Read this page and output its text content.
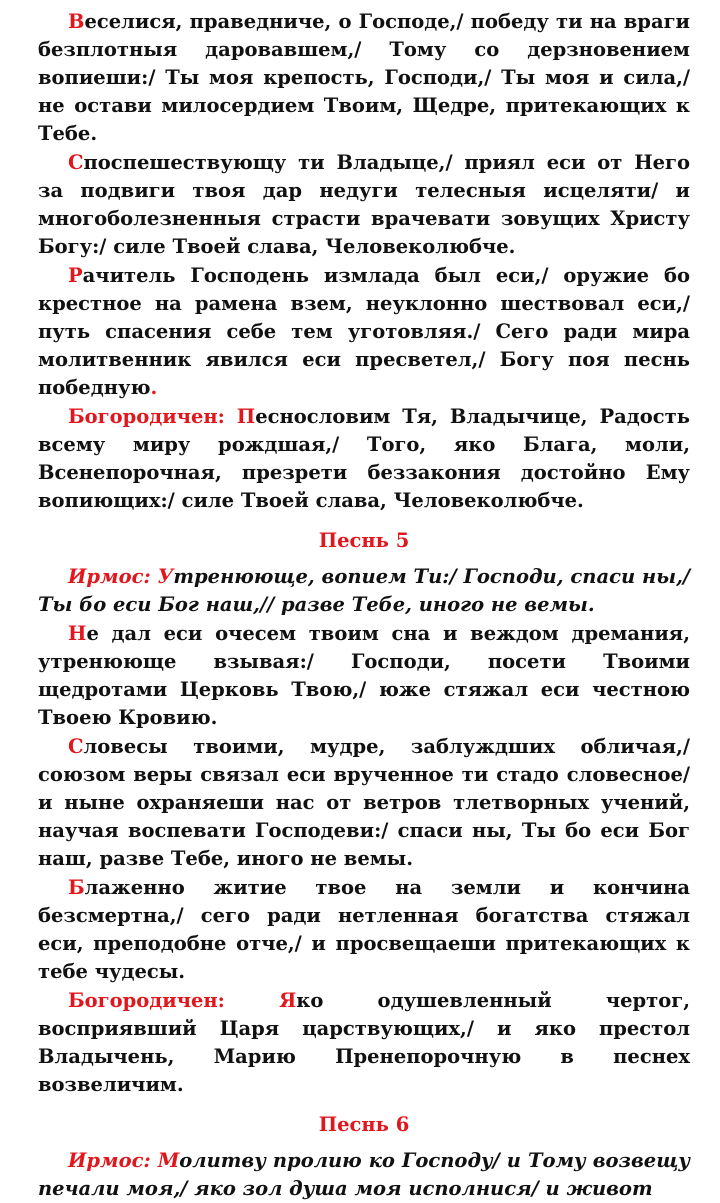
Веселися, праведниче, о Господе,/ победу ти на враги безплотныя даровавшем,/ Тому со дерзновением вопиеши:/ Ты моя крепость, Господи,/ Ты моя и сила,/ не остави милосердием Твоим, Щедре, притекающих к Тебе.

Споспешествующу ти Владыце,/ приял еси от Него за подвиги твоя дар недуги телесныя исцеляти/ и многоболезненныя страсти врачевати зовущих Христу Богу:/ силе Твоей слава, Человеколюбче.

Рачитель Господень измлада был еси,/ оружие бо крестное на рамена взем, неуклонно шествовал еси,/ путь спасения себе тем уготовляя./ Сего ради мира молитвенник явился еси пресветел,/ Богу поя песнь победную.

Богородичен: Песнословим Тя, Владычице, Радость всему миру рождшая,/ Того, яко Блага, моли, Всенепорочная, презрети беззакония достойно Ему вопиющих:/ силе Твоей слава, Человеколюбче.

Песнь 5

Ирмос: Утренююще, вопием Ти:/ Господи, спаси ны,/ Ты бо еси Бог наш,// разве Тебе, иного не вемы.

Не дал еси очесем твоим сна и веждом дремания, утренююще взывая:/ Господи, посети Твоими щедротами Церковь Твою,/ юже стяжал еси честною Твоею Кровию.

Словесы твоими, мудре, заблуждших обличая,/ союзом веры связал еси врученное ти стадо словесное/ и ныне охраняеши нас от ветров тлетворных учений, научая воспевати Господеви:/ спаси ны, Ты бо еси Бог наш, разве Тебе, иного не вемы.

Блаженно житие твое на земли и кончина безсмертна,/ сего ради нетленная богатства стяжал еси, преподобне отче,/ и просвещаеши притекающих к тебе чудесы.

Богородичен: Яко одушевленный чертог, восприявший Царя царствующих,/ и яко престол Владычень, Марию Пренепорочную в песнех возвеличим.

Песнь 6

Ирмос: Молитву пролию ко Господу/ и Тому возвещу печали моя,/ яко зол душа моя исполнися/ и живот
